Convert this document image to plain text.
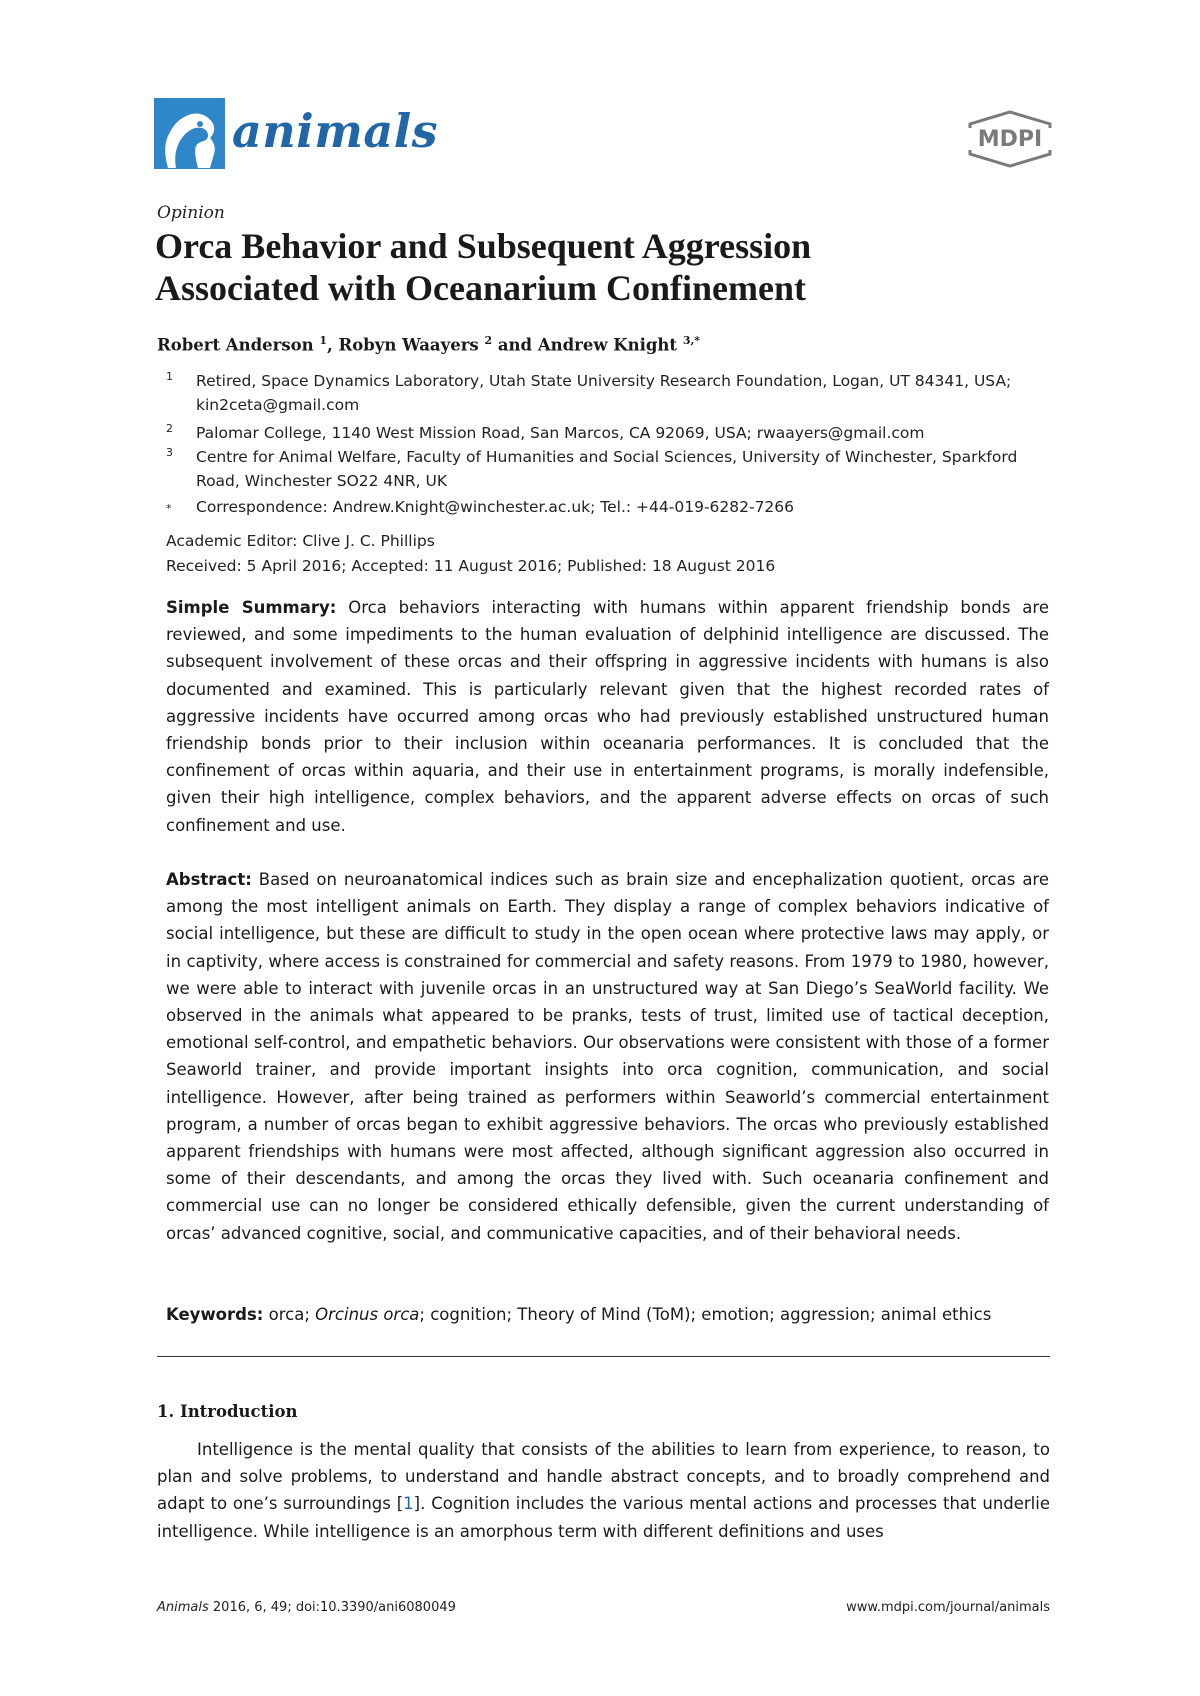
animals	MDPI
Opinion
Orca Behavior and Subsequent Aggression
Associated with Oceanarium Confinement
Robert Anderson $^1$, Robyn Waayers $^2$ and Andrew Knight $^{3,*}$
1 Retired, Space Dynamics Laboratory, Utah State University Research Foundation, Logan, UT 84341, USA; kin2ceta@gmail.com
2 Palomar College, 1140 West Mission Road, San Marcos, CA 92069, USA; rwaayers@gmail.com
3 Centre for Animal Welfare, Faculty of Humanities and Social Sciences, University of Winchester, Sparkford Road, Winchester SO22 4NR, UK
* Correspondence: Andrew.Knight@winchester.ac.uk; Tel.: +44-019-6282-7266
Academic Editor: Clive J. C. Phillips
Received: 5 April 2016; Accepted: 11 August 2016; Published: 18 August 2016
Simple Summary: Orca behaviors interacting with humans within apparent friendship bonds are reviewed, and some impediments to the human evaluation of delphinid intelligence are discussed. The subsequent involvement of these orcas and their offspring in aggressive incidents with humans is also documented and examined. This is particularly relevant given that the highest recorded rates of aggressive incidents have occurred among orcas who had previously established unstructured human friendship bonds prior to their inclusion within oceanaria performances. It is concluded that the confinement of orcas within aquaria, and their use in entertainment programs, is morally indefensible, given their high intelligence, complex behaviors, and the apparent adverse effects on orcas of such confinement and use.
Abstract: Based on neuroanatomical indices such as brain size and encephalization quotient, orcas are among the most intelligent animals on Earth. They display a range of complex behaviors indicative of social intelligence, but these are difficult to study in the open ocean where protective laws may apply, or in captivity, where access is constrained for commercial and safety reasons. From 1979 to 1980, however, we were able to interact with juvenile orcas in an unstructured way at San Diego’s SeaWorld facility. We observed in the animals what appeared to be pranks, tests of trust, limited use of tactical deception, emotional self-control, and empathetic behaviors. Our observations were consistent with those of a former Seaworld trainer, and provide important insights into orca cognition, communication, and social intelligence. However, after being trained as performers within Seaworld’s commercial entertainment program, a number of orcas began to exhibit aggressive behaviors. The orcas who previously established apparent friendships with humans were most affected, although significant aggression also occurred in some of their descendants, and among the orcas they lived with. Such oceanaria confinement and commercial use can no longer be considered ethically defensible, given the current understanding of orcas’ advanced cognitive, social, and communicative capacities, and of their behavioral needs.
Keywords: orca; Orcinus orca; cognition; Theory of Mind (ToM); emotion; aggression; animal ethics
1. Introduction
Intelligence is the mental quality that consists of the abilities to learn from experience, to reason, to plan and solve problems, to understand and handle abstract concepts, and to broadly comprehend and adapt to one’s surroundings [1]. Cognition includes the various mental actions and processes that underlie intelligence. While intelligence is an amorphous term with different definitions and uses
Animals 2016, 6, 49; doi:10.3390/ani6080049	www.mdpi.com/journal/animals
